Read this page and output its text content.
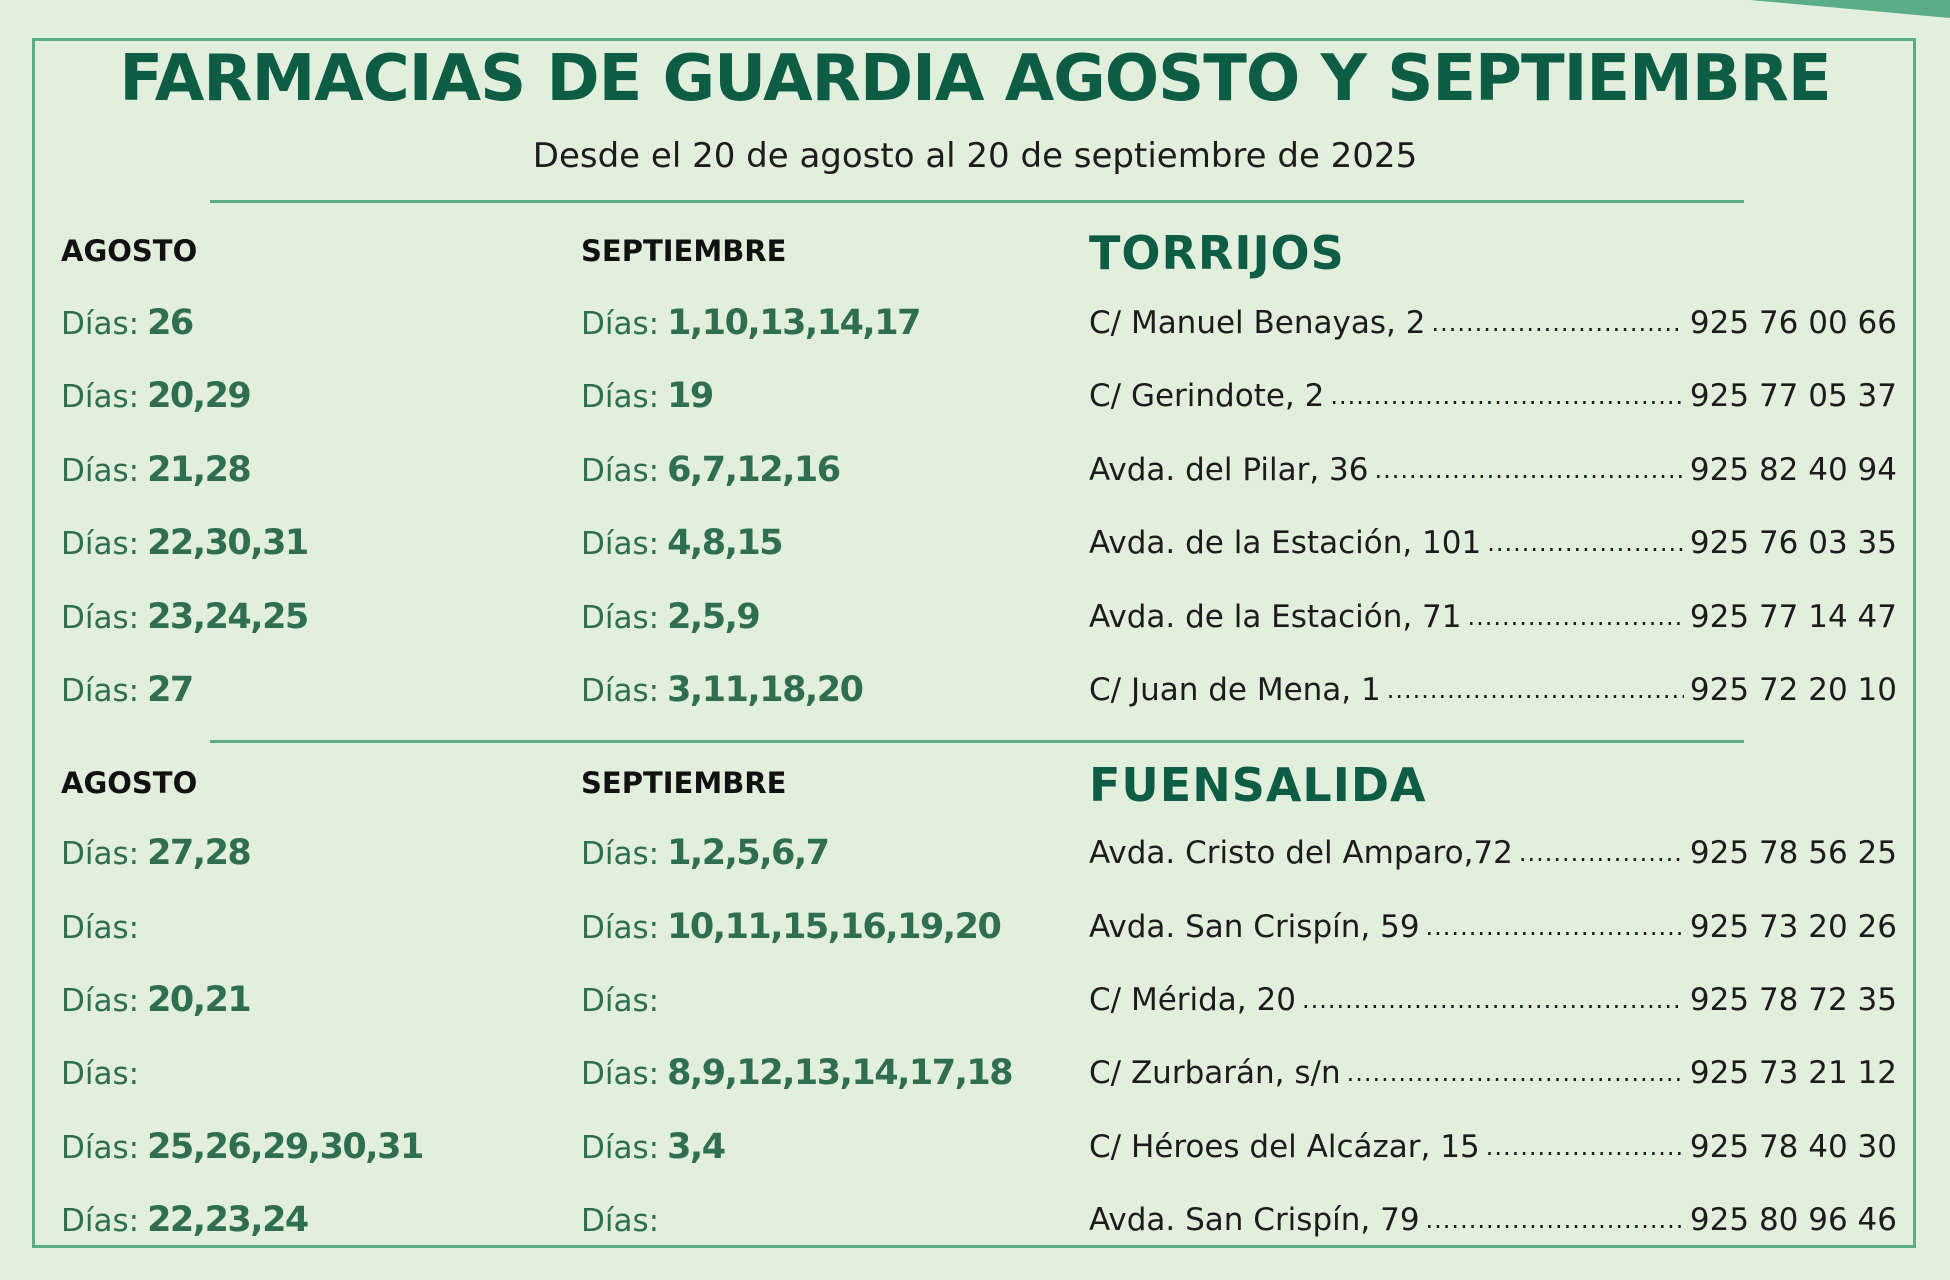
FARMACIAS DE GUARDIA AGOSTO Y SEPTIEMBRE
Desde el 20 de agosto al 20 de septiembre de 2025
AGOSTO	SEPTIEMBRE	TORRIJOS
Días: 26	Días: 1,10,13,14,17	C/ Manuel Benayas, 2 .....	925 76 00 66
Días: 20,29	Días: 19	C/ Gerindote, 2 .....	925 77 05 37
Días: 21,28	Días: 6,7,12,16	Avda. del Pilar, 36 .....	925 82 40 94
Días: 22,30,31	Días: 4,8,15	Avda. de la Estación, 101 .....	925 76 03 35
Días: 23,24,25	Días: 2,5,9	Avda. de la Estación, 71 .....	925 77 14 47
Días: 27	Días: 3,11,18,20	C/ Juan de Mena, 1 .....	925 72 20 10
AGOSTO	SEPTIEMBRE	FUENSALIDA
Días: 27,28	Días: 1,2,5,6,7	Avda. Cristo del Amparo,72 .....	925 78 56 25
Días:	Días: 10,11,15,16,19,20	Avda. San Crispín, 59 .....	925 73 20 26
Días: 20,21	Días:	C/ Mérida, 20 .....	925 78 72 35
Días:	Días: 8,9,12,13,14,17,18 C/ Zurbarán, s/n .....	925 73 21 12
Días: 25,26,29,30,31	Días: 3,4	C/ Héroes del Alcázar, 15 .....	925 78 40 30
Días: 22,23,24	Días:	Avda. San Crispín, 79 .....	925 80 96 46
